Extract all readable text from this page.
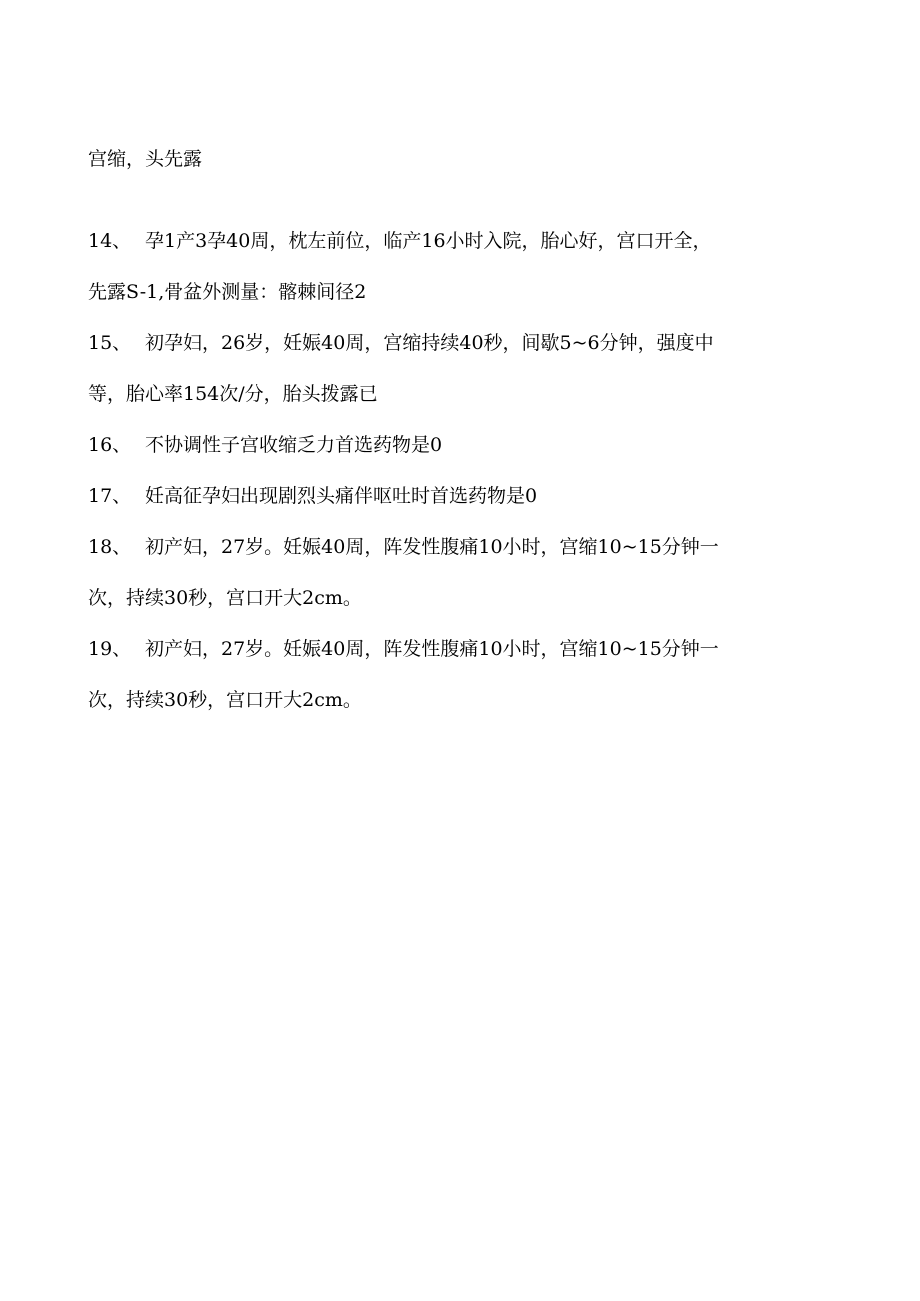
宫缩，头先露
14、 孕1产3孕40周，枕左前位，临产16小时入院，胎心好，宫口开全，
先露S-1,骨盆外测量：髂棘间径2
15、 初孕妇，26岁，妊娠40周，宫缩持续40秒，间歇5~6分钟，强度中
等，胎心率154次/分，胎头拨露已
16、 不协调性子宫收缩乏力首选药物是0
17、 妊高征孕妇出现剧烈头痛伴呕吐时首选药物是0
18、 初产妇，27岁。妊娠40周，阵发性腹痛10小时，宫缩10~15分钟一
次，持续30秒，宫口开大2cm。
19、 初产妇，27岁。妊娠40周，阵发性腹痛10小时，宫缩10~15分钟一
次，持续30秒，宫口开大2cm。
